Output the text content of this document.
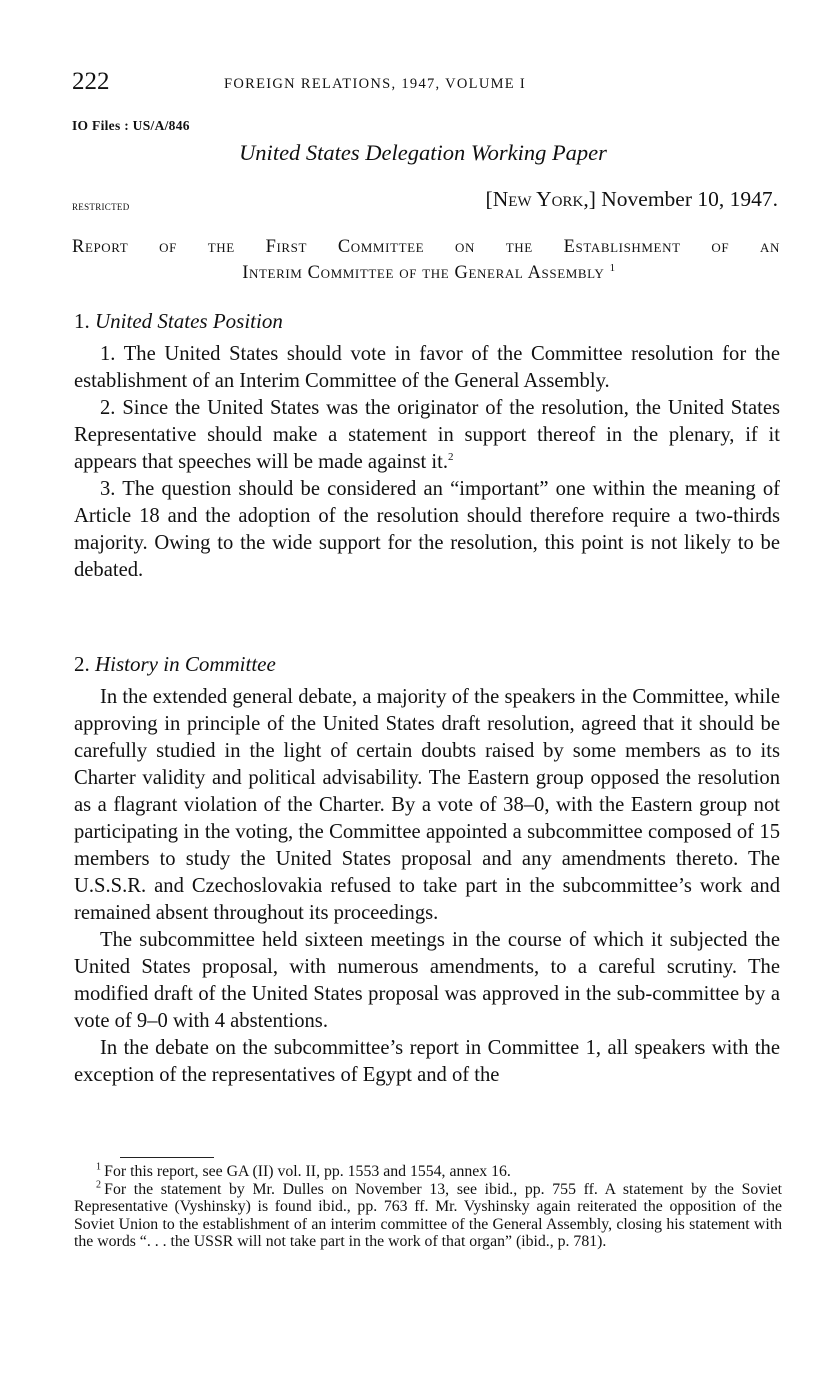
222	FOREIGN RELATIONS, 1947, VOLUME I
IO Files : US/A/846
United States Delegation Working Paper
restricted	[New York,] November 10, 1947.
Report of the First Committee on the Establishment of an
Interim Committee of the General Assembly $^1$
1. United States Position

1. The United States should vote in favor of the Committee resolution for the establishment of an Interim Committee of the General Assembly.

2. Since the United States was the originator of the resolution, the United States Representative should make a statement in support thereof in the plenary, if it appears that speeches will be made against it.$^2$

3. The question should be considered an “important” one within the meaning of Article 18 and the adoption of the resolution should therefore require a two-thirds majority. Owing to the wide support for the resolution, this point is not likely to be debated.

2. History in Committee

In the extended general debate, a majority of the speakers in the Committee, while approving in principle of the United States draft resolution, agreed that it should be carefully studied in the light of certain doubts raised by some members as to its Charter validity and political advisability. The Eastern group opposed the resolution as a flagrant violation of the Charter. By a vote of 38–0, with the Eastern group not participating in the voting, the Committee appointed a subcommittee composed of 15 members to study the United States proposal and any amendments thereto. The U.S.S.R. and Czechoslovakia refused to take part in the subcommittee’s work and remained absent throughout its proceedings.

The subcommittee held sixteen meetings in the course of which it subjected the United States proposal, with numerous amendments, to a careful scrutiny. The modified draft of the United States proposal was approved in the sub-committee by a vote of 9–0 with 4 abstentions.

In the debate on the subcommittee’s report in Committee 1, all speakers with the exception of the representatives of Egypt and of the

$^1$  For this report, see GA (II) vol. II, pp. 1553 and 1554, annex 16.

$^2$  For the statement by Mr. Dulles on November 13, see ibid., pp. 755 ff. A statement by the Soviet Representative (Vyshinsky) is found ibid., pp. 763 ff. Mr. Vyshinsky again reiterated the opposition of the Soviet Union to the establishment of an interim committee of the General Assembly, closing his statement with the words “. . . the USSR will not take part in the work of that organ” (ibid., p. 781).
